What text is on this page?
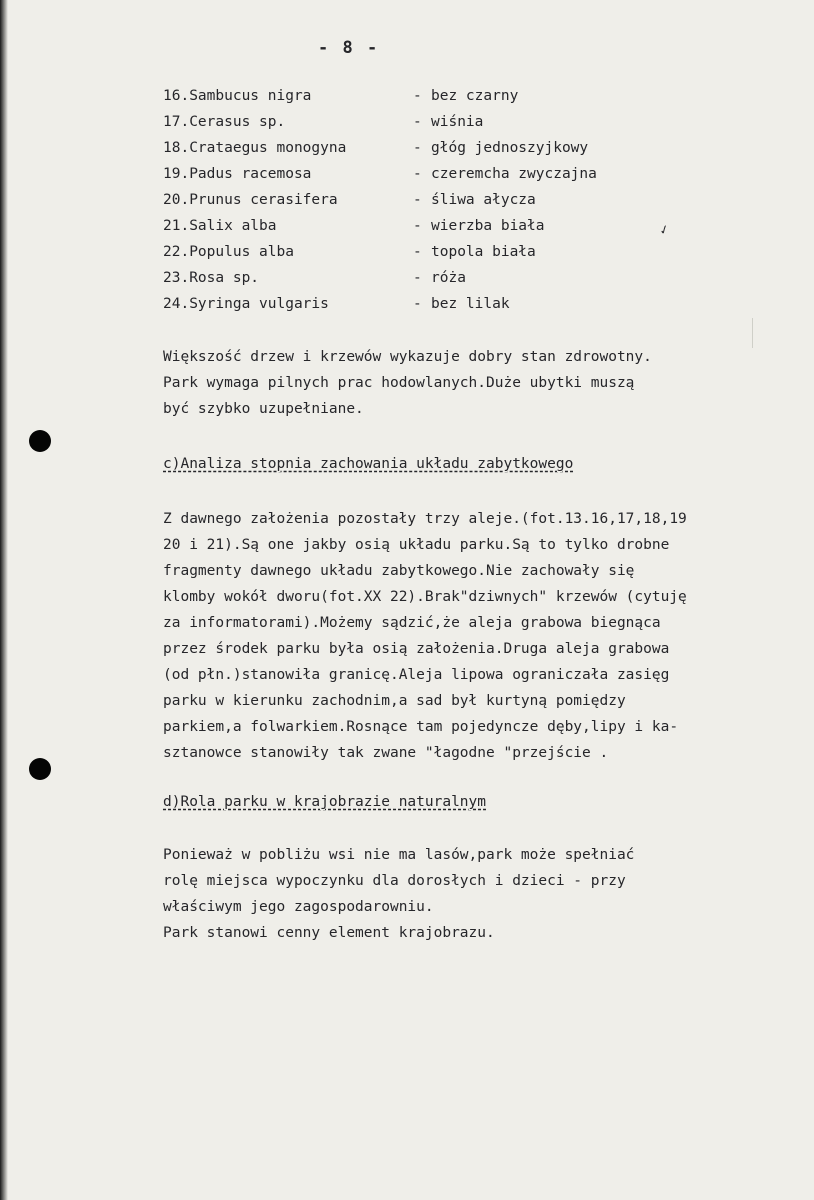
- 8 -
16.Sambucus nigra	- bez czarny
17.Cerasus sp.	- wiśnia
18.Crataegus monogyna	- głóg jednoszyjkowy
19.Padus racemosa	- czeremcha zwyczajna
20.Prunus cerasifera	- śliwa ałycza
21.Salix alba	- wierzba biała
22.Populus alba	- topola biała
23.Rosa sp.	- róża
24.Syringa vulgaris	- bez lilak
✓
Większość drzew i krzewów wykazuje dobry stan zdrowotny.
Park wymaga pilnych prac hodowlanych.Duże ubytki muszą
być szybko uzupełniane.
c)Analiza stopnia zachowania układu zabytkowego
Z dawnego założenia pozostały trzy aleje.(fot.13.16,17,18,19
20 i 21).Są one jakby osią układu parku.Są to tylko drobne
fragmenty dawnego układu zabytkowego.Nie zachowały się
klomby wokół dworu(fot.XX 22).Brak"dziwnych" krzewów (cytuję
za informatorami).Możemy sądzić,że aleja grabowa biegnąca
przez środek parku była osią założenia.Druga aleja grabowa
(od płn.)stanowiła granicę.Aleja lipowa ograniczała zasięg
parku w kierunku zachodnim,a sad był kurtyną pomiędzy
parkiem,a folwarkiem.Rosnące tam pojedyncze dęby,lipy i ka-
sztanowce stanowiły tak zwane "łagodne "przejście .
d)Rola parku w krajobrazie naturalnym
Ponieważ w pobliżu wsi nie ma lasów,park może spełniać
rolę miejsca wypoczynku dla dorosłych i dzieci - przy
właściwym jego zagospodarowniu.
Park stanowi cenny element krajobrazu.
